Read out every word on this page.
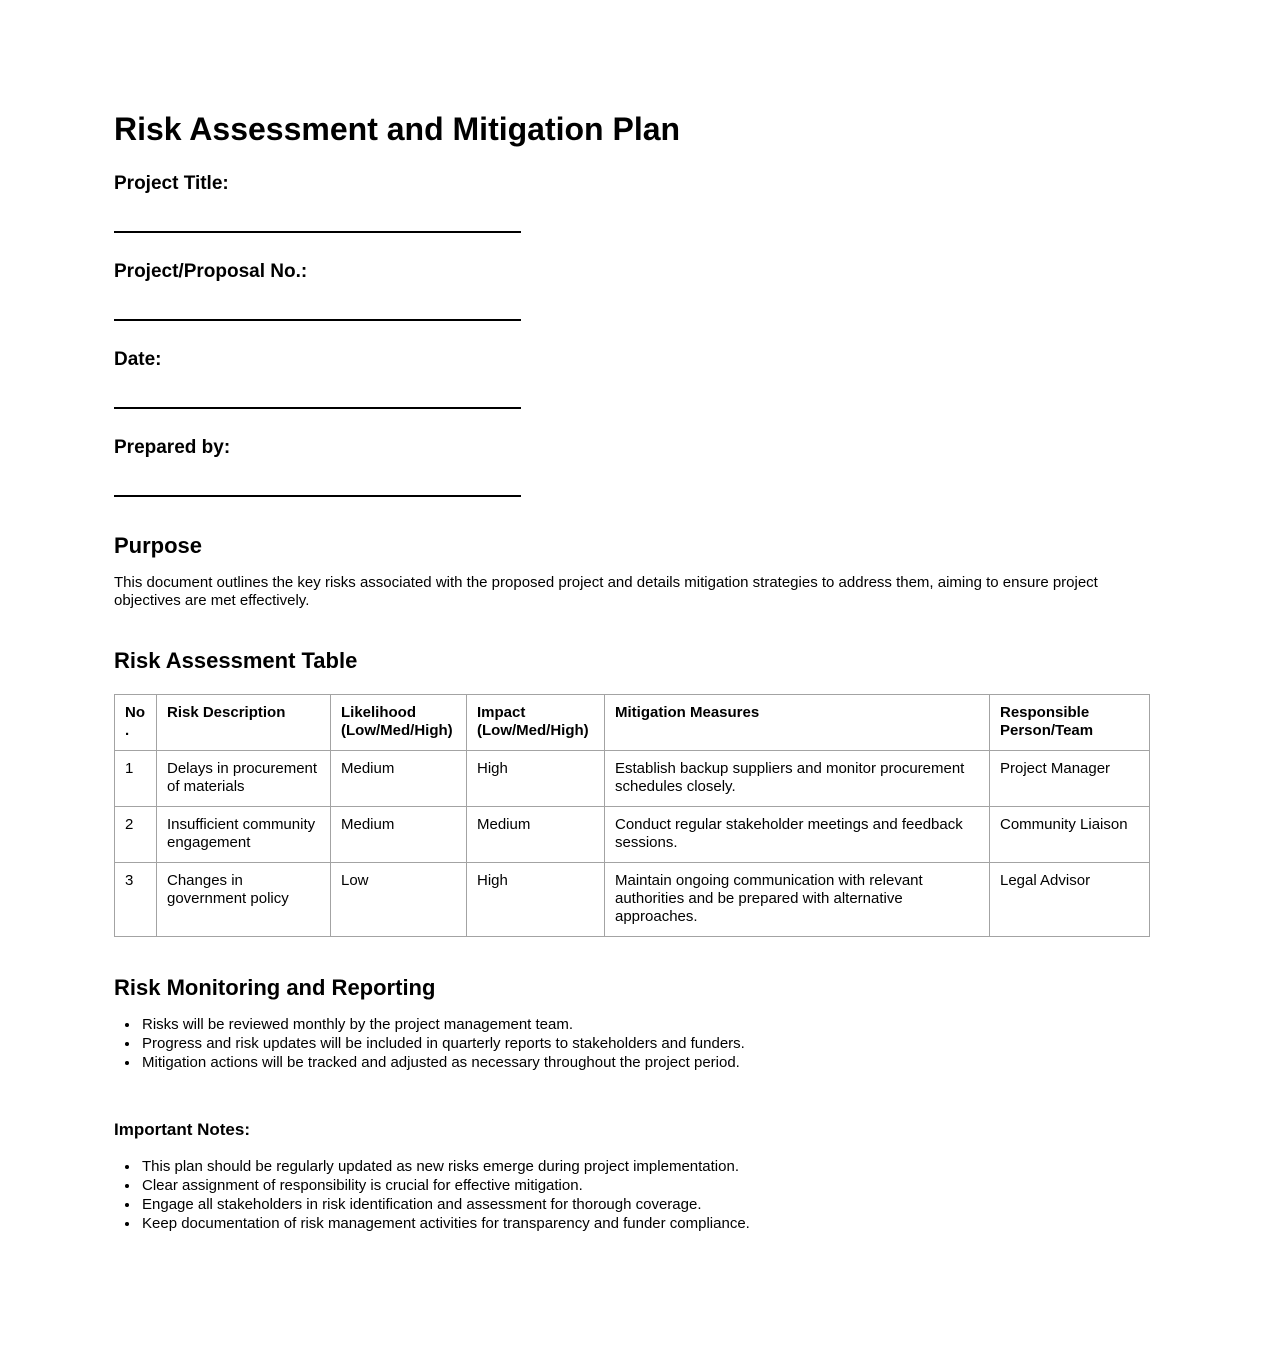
Risk Assessment and Mitigation Plan

Project Title:

Project/Proposal No.:

Date:

Prepared by:

Purpose

This document outlines the key risks associated with the proposed project and details mitigation strategies to address them, aiming to ensure project objectives are met effectively.

Risk Assessment Table
No.	Risk Description	Likelihood (Low/Med/High)	Impact (Low/Med/High)	Mitigation Measures	Responsible Person/Team
1	Delays in procurement of materials	Medium	High	Establish backup suppliers and monitor procurement schedules closely.	Project Manager
2	Insufficient community engagement	Medium	Medium	Conduct regular stakeholder meetings and feedback sessions.	Community Liaison
3	Changes in government policy	Low	High	Maintain ongoing communication with relevant authorities and be prepared with alternative approaches.	Legal Advisor
Risk Monitoring and Reporting
• Risks will be reviewed monthly by the project management team.
• Progress and risk updates will be included in quarterly reports to stakeholders and funders.
• Mitigation actions will be tracked and adjusted as necessary throughout the project period.
Important Notes:
• This plan should be regularly updated as new risks emerge during project implementation.
• Clear assignment of responsibility is crucial for effective mitigation.
• Engage all stakeholders in risk identification and assessment for thorough coverage.
• Keep documentation of risk management activities for transparency and funder compliance.
